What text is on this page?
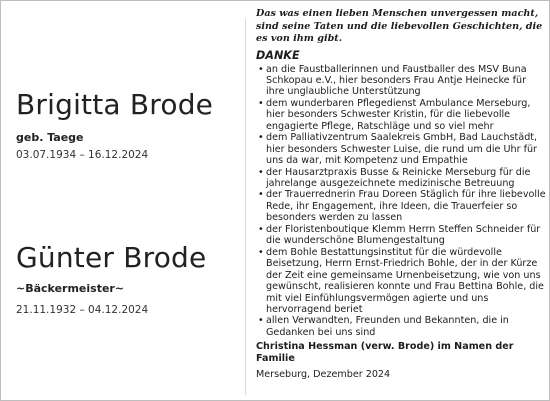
Brigitta Brode
geb. Taege
03.07.1934 – 16.12.2024
Günter Brode
~Bäckermeister~
21.11.1932 – 04.12.2024

Das was einen lieben Menschen unvergessen macht, sind seine Taten und die liebevollen Geschichten, die es von ihm gibt.

DANKE
• an die Faustballerinnen und Faustballer des MSV Buna Schkopau e.V., hier besonders Frau Antje Heinecke für ihre unglaubliche Unterstützung
• dem wunderbaren Pflegedienst Ambulance Merseburg, hier besonders Schwester Kristin, für die liebevolle engagierte Pflege, Ratschläge und so viel mehr
• dem Palliativzentrum Saalekreis GmbH, Bad Lauchstädt, hier besonders Schwester Luise, die rund um die Uhr für uns da war, mit Kompetenz und Empathie
• der Hausarztpraxis Busse & Reinicke Merseburg für die jahrelange ausgezeichnete medizinische Betreuung
• der Trauerrednerin Frau Doreen Stäglich für ihre liebevolle Rede, ihr Engagement, ihre Ideen, die Trauerfeier so besonders werden zu lassen
• der Floristenboutique Klemm Herrn Steffen Schneider für die wunderschöne Blumengestaltung
• dem Bohle Bestattungsinstitut für die würdevolle Beisetzung, Herrn Ernst-Friedrich Bohle, der in der Kürze der Zeit eine gemeinsame Urnenbeisetzung, wie von uns gewünscht, realisieren konnte und Frau Bettina Bohle, die mit viel Einfühlungsvermögen agierte und uns hervorragend beriet
• allen Verwandten, Freunden und Bekannten, die in Gedanken bei uns sind
Christina Hessman (verw. Brode) im Namen der Familie
Merseburg, Dezember 2024
